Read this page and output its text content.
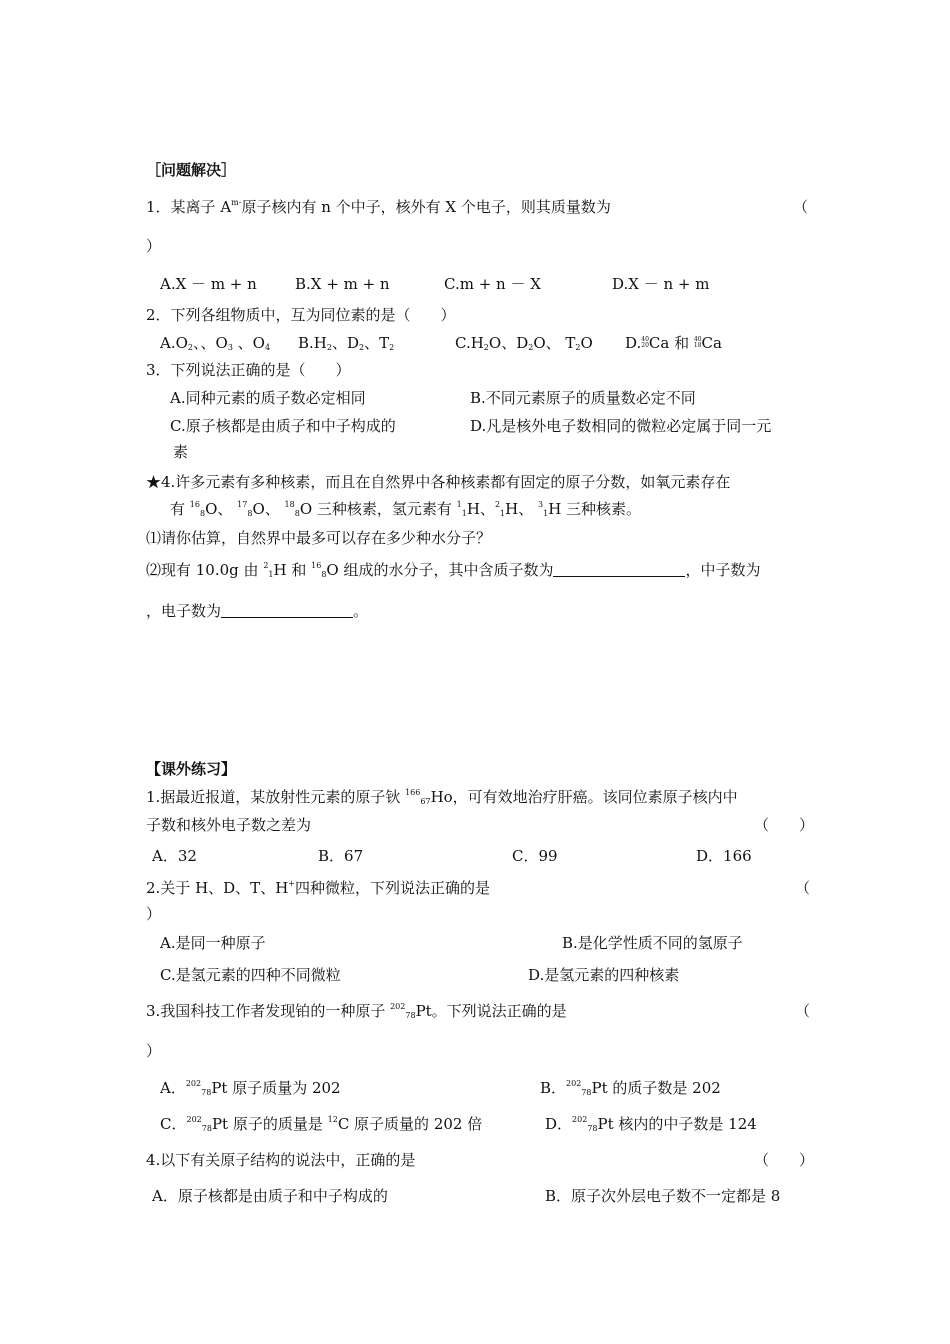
［问题解决］
1．某离子 $A^{m-}$原子核内有 n 个中子，核外有 X 个电子，则其质量数为	（
）
A.X － m + n	B.X + m + n	C.m + n － X	D.X － n + m
2．下列各组物质中，互为同位素的是（　　）
$A.O_2$、、$O_3$ 、$O_4$ $B.H_2$、$D_2$、$T_2$	$C.H_2O$、$D_2O$、 $T_2O$ D.40
20Ca 和 40
18Ca
3．下列说法正确的是（　　）
A.同种元素的质子数必定相同	B.不同元素原子的质量数必定不同
C.原子核都是由质子和中子构成的	D.凡是核外电子数相同的微粒必定属于同一元
素
★4.许多元素有多种核素，而且在自然界中各种核素都有固定的原子分数，如氧元素存在
有 $^{16}_8$O、 $^{17}_8$O、 $^{18}_8$O 三种核素，氢元素有 $^1_1$H、$^2_1$H、 $^3_1$H 三种核素。
⑴请你估算，自然界中最多可以存在多少种水分子？
⑵现有 10.0g 由 $^2_1$H 和 $^{16}_8$O 组成的水分子，其中含质子数为	，中子数为
，电子数为	。
【课外练习】
1.据最近报道，某放射性元素的原子钬 $^{166}_{67}$Ho，可有效地治疗肝癌。该同位素原子核内中
子数和核外电子数之差为	（　　）
A．32	B．67	C．99	D．166
2.关于 H、D、T、H+四种微粒，下列说法正确的是	（
）
A.是同一种原子	B.是化学性质不同的氢原子
C.是氢元素的四种不同微粒	D.是氢元素的四种核素
3.我国科技工作者发现铂的一种原子 $^{202}_{78}$Pt。下列说法正确的是	（
）
A．$^{202}_{78}$Pt 原子质量为 202	B．$^{202}_{78}$Pt 的质子数是 202
C．$^{202}_{78}$Pt 原子的质量是 $^{12}$C 原子质量的 202 倍	D．$^{202}_{78}$Pt 核内的中子数是 124
4.以下有关原子结构的说法中，正确的是	（　　）
A．原子核都是由质子和中子构成的	B．原子次外层电子数不一定都是 8
